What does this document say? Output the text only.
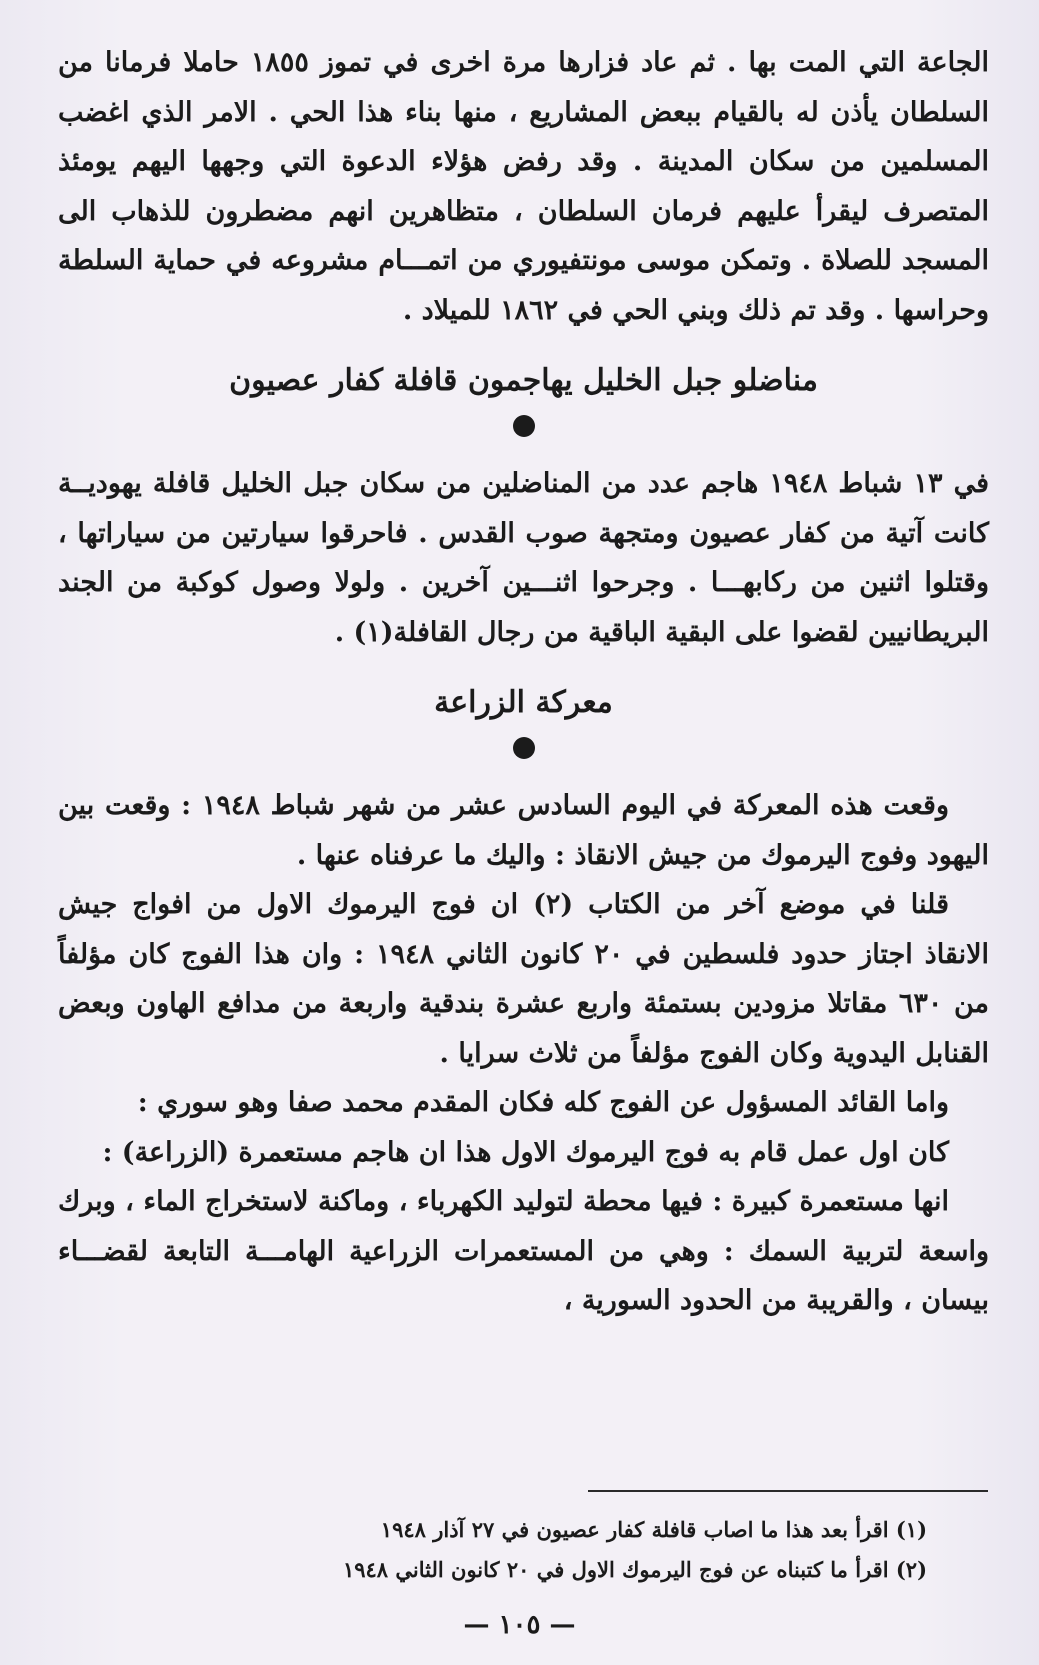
الجاعة التي المت بها . ثم عاد فزارها مرة اخرى في تموز ١٨٥٥ حاملا فرمانا من السلطان يأذن له بالقيام ببعض المشاريع ، منها بناء هذا الحي . الامر الذي اغضب المسلمين من سكان المدينة . وقد رفض هؤلاء الدعوة التي وجهها اليهم يومئذ المتصرف ليقرأ عليهم فرمان السلطان ، متظاهرين انهم مضطرون للذهاب الى المسجد للصلاة . وتمكن موسى مونتفيوري من اتمـــام مشروعه في حماية السلطة وحراسها . وقد تم ذلك وبني الحي في ١٨٦٢ للميلاد .

مناضلو جبل الخليل يهاجمون قافلة كفار عصيون

في ١٣ شباط ١٩٤٨ هاجم عدد من المناضلين من سكان جبل الخليل قافلة يهوديــة كانت آتية من كفار عصيون ومتجهة صوب القدس . فاحرقوا سيارتين من سياراتها ، وقتلوا اثنين من ركابهـــا . وجرحوا اثنـــين آخرين . ولولا وصول كوكبة من الجند البريطانيين لقضوا على البقية الباقية من رجال القافلة(١) .

معركة الزراعة

وقعت هذه المعركة في اليوم السادس عشر من شهر شباط ١٩٤٨ : وقعت بين اليهود وفوج اليرموك من جيش الانقاذ : واليك ما عرفناه عنها .

قلنا في موضع آخر من الكتاب (٢) ان فوج اليرموك الاول من افواج جيش الانقاذ اجتاز حدود فلسطين في ٢٠ كانون الثاني ١٩٤٨ : وان هذا الفوج كان مؤلفاً من ٦٣٠ مقاتلا مزودين بستمئة واربع عشرة بندقية واربعة من مدافع الهاون وبعض القنابل اليدوية وكان الفوج مؤلفاً من ثلاث سرايا .

واما القائد المسؤول عن الفوج كله فكان المقدم محمد صفا وهو سوري :

كان اول عمل قام به فوج اليرموك الاول هذا ان هاجم مستعمرة (الزراعة) :

انها مستعمرة كبيرة : فيها محطة لتوليد الكهرباء ، وماكنة لاستخراج الماء ، وبرك واسعة لتربية السمك : وهي من المستعمرات الزراعية الهامـــة التابعة لقضـــاء بيسان ، والقريبة من الحدود السورية ،

(١) اقرأ بعد هذا ما اصاب قافلة كفار عصيون في ٢٧ آذار ١٩٤٨

(٢) اقرأ ما كتبناه عن فوج اليرموك الاول في ٢٠ كانون الثاني ١٩٤٨

— ١٠٥ —
